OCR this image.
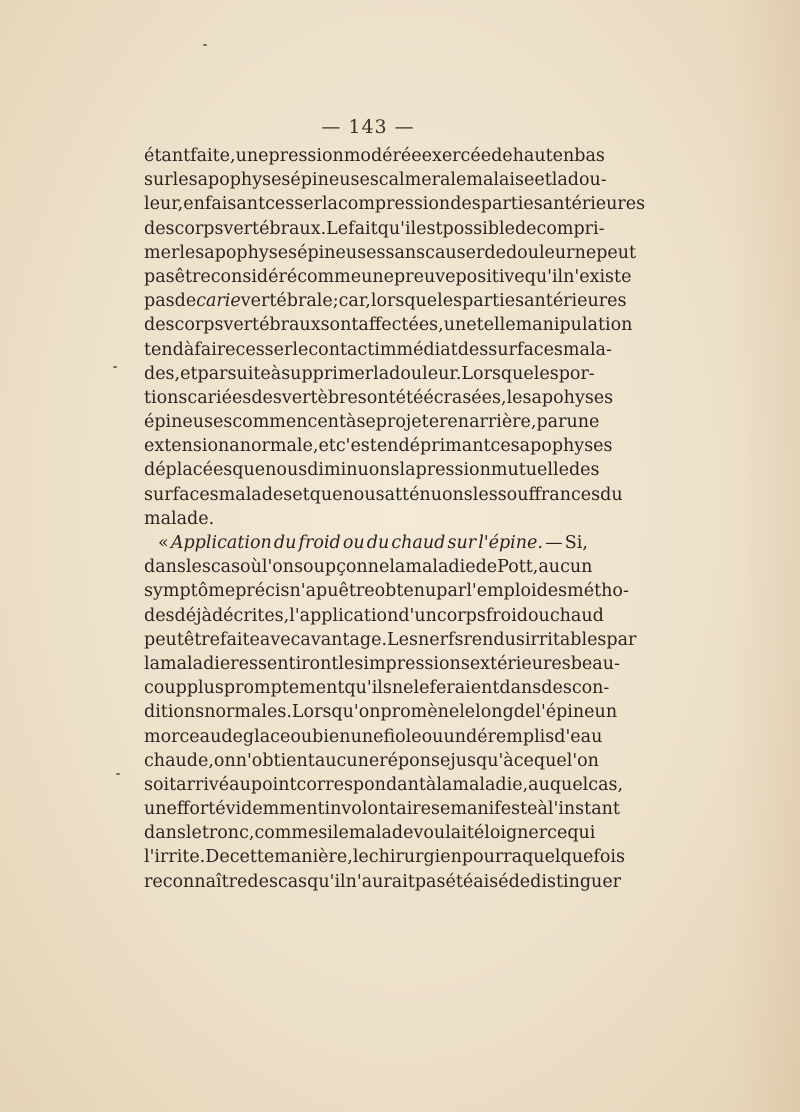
— 143 —
étant faite, une pression modérée exercée de haut en bas
sur les apophyses épineuses calmera le malaise et la dou-
leur, en faisant cesser la compression des parties antérieures
des corps vertébraux. Le fait qu'il est possible de compri-
mer les apophyses épineuses sans causer de douleur ne peut
pas être considéré comme une preuve positive qu'il n'existe
pas de carie vertébrale ; car, lorsque les parties antérieures
des corps vertébraux sont affectées, une telle manipulation
tend à faire cesser le contact immédiat des surfaces mala-
des, et par suite à supprimer la douleur. Lorsque les por-
tions cariées des vertèbres ont été écrasées, les apohyses
épineuses commencent à se projeter en arrière, par une
extension anormale, et c'est en déprimant ces apophyses
déplacées que nous diminuons la pression mutuelle des
surfaces malades et que nous atténuons les souffrances du
malade.
« Application du froid ou du chaud sur l'épine. — Si,
dans les cas où l'on soupçonne la maladie de Pott, aucun
symptôme précis n'a pu être obtenu par l'emploi des métho-
des déjà décrites, l'application d'un corps froid ou chaud
peut être faite avec avantage. Les nerfs rendus irritables par
la maladie ressentiront les impressions extérieures beau-
coup plus promptement qu'ils ne le feraient dans des con-
ditions normales. Lorsqu'on promène le long de l'épine un
morceau de glace ou bien une fiole ou un dé remplis d'eau
chaude, on n'obtient aucune réponse jusqu'à ce que l'on
soit arrivé au point correspondant à la maladie, auquel cas,
un effort évidemment involontaire se manifeste à l'instant
dans le tronc, comme si le malade voulait éloigner ce qui
l'irrite. De cette manière, le chirurgien pourra quelquefois
reconnaître des cas qu'il n'aurait pas été aisé de distinguer
